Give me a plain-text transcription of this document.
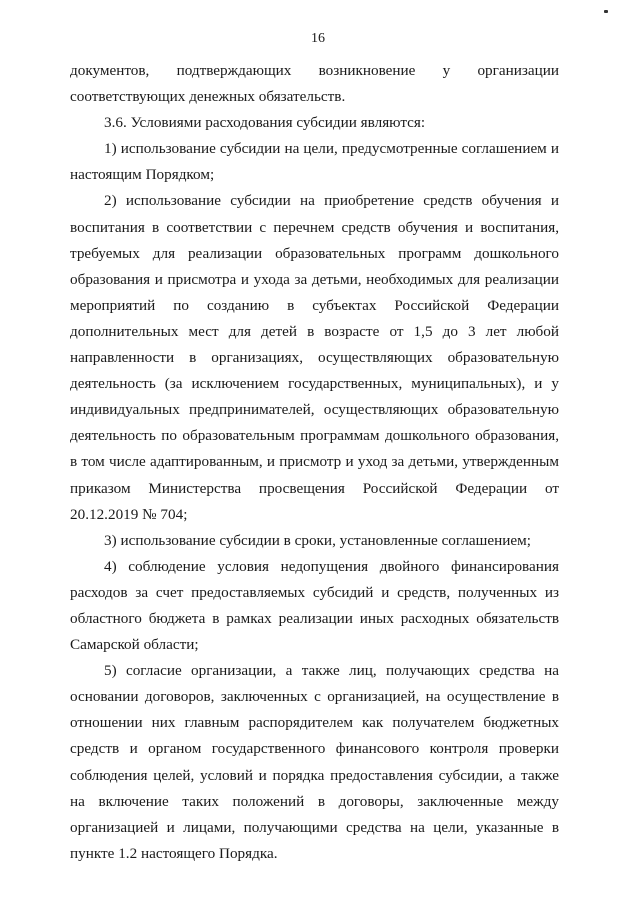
16

документов, подтверждающих возникновение у организации соответствующих денежных обязательств.

3.6. Условиями расходования субсидии являются:

1) использование субсидии на цели, предусмотренные соглашением и настоящим Порядком;

2) использование субсидии на приобретение средств обучения и воспитания в соответствии с перечнем средств обучения и воспитания, требуемых для реализации образовательных программ дошкольного образования и присмотра и ухода за детьми, необходимых для реализации мероприятий по созданию в субъектах Российской Федерации дополнительных мест для детей в возрасте от 1,5 до 3 лет любой направленности в организациях, осуществляющих образовательную деятельность (за исключением государственных, муниципальных), и у индивидуальных предпринимателей, осуществляющих образовательную деятельность по образовательным программам дошкольного образования, в том числе адаптированным, и присмотр и уход за детьми, утвержденным приказом Министерства просвещения Российской Федерации от 20.12.2019 № 704;

3) использование субсидии в сроки, установленные соглашением;

4) соблюдение условия недопущения двойного финансирования расходов за счет предоставляемых субсидий и средств, полученных из областного бюджета в рамках реализации иных расходных обязательств Самарской области;

5) согласие организации, а также лиц, получающих средства на основании договоров, заключенных с организацией, на осуществление в отношении них главным распорядителем как получателем бюджетных средств и органом государственного финансового контроля проверки соблюдения целей, условий и порядка предоставления субсидии, а также на включение таких положений в договоры, заключенные между организацией и лицами, получающими средства на цели, указанные в пункте 1.2 настоящего Порядка.
